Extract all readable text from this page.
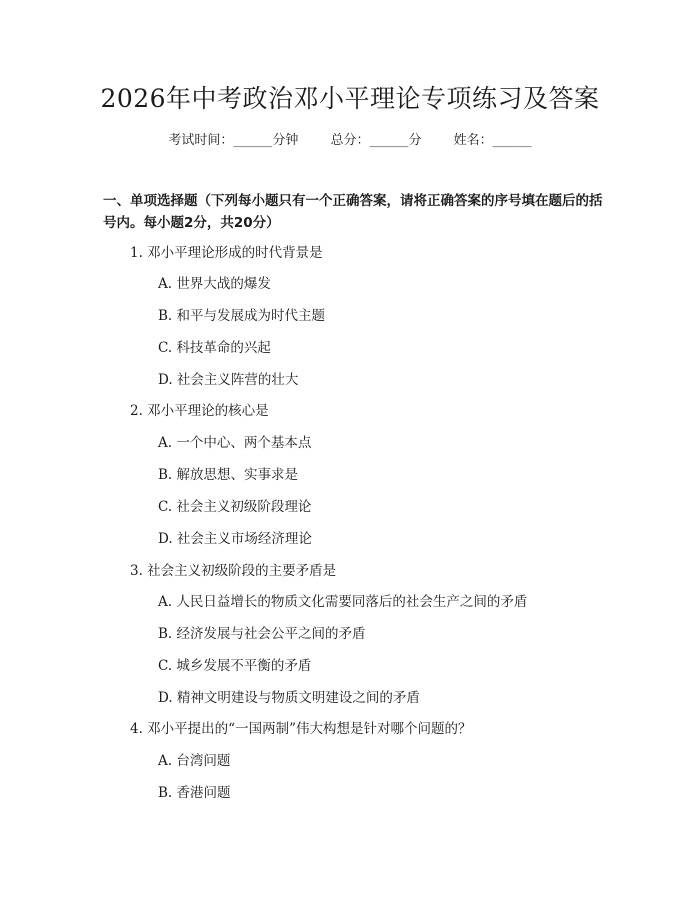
2026年中考政治邓小平理论专项练习及答案
考试时间：______分钟 总分：______分 姓名：______
一、单项选择题（下列每小题只有一个正确答案，请将正确答案的序号填在题后的括号内。每小题2分，共20分）
1. 邓小平理论形成的时代背景是
A. 世界大战的爆发
B. 和平与发展成为时代主题
C. 科技革命的兴起
D. 社会主义阵营的壮大
2. 邓小平理论的核心是
A. 一个中心、两个基本点
B. 解放思想、实事求是
C. 社会主义初级阶段理论
D. 社会主义市场经济理论
3. 社会主义初级阶段的主要矛盾是
A. 人民日益增长的物质文化需要同落后的社会生产之间的矛盾
B. 经济发展与社会公平之间的矛盾
C. 城乡发展不平衡的矛盾
D. 精神文明建设与物质文明建设之间的矛盾
4. 邓小平提出的“一国两制”伟大构想是针对哪个问题的？
A. 台湾问题
B. 香港问题
